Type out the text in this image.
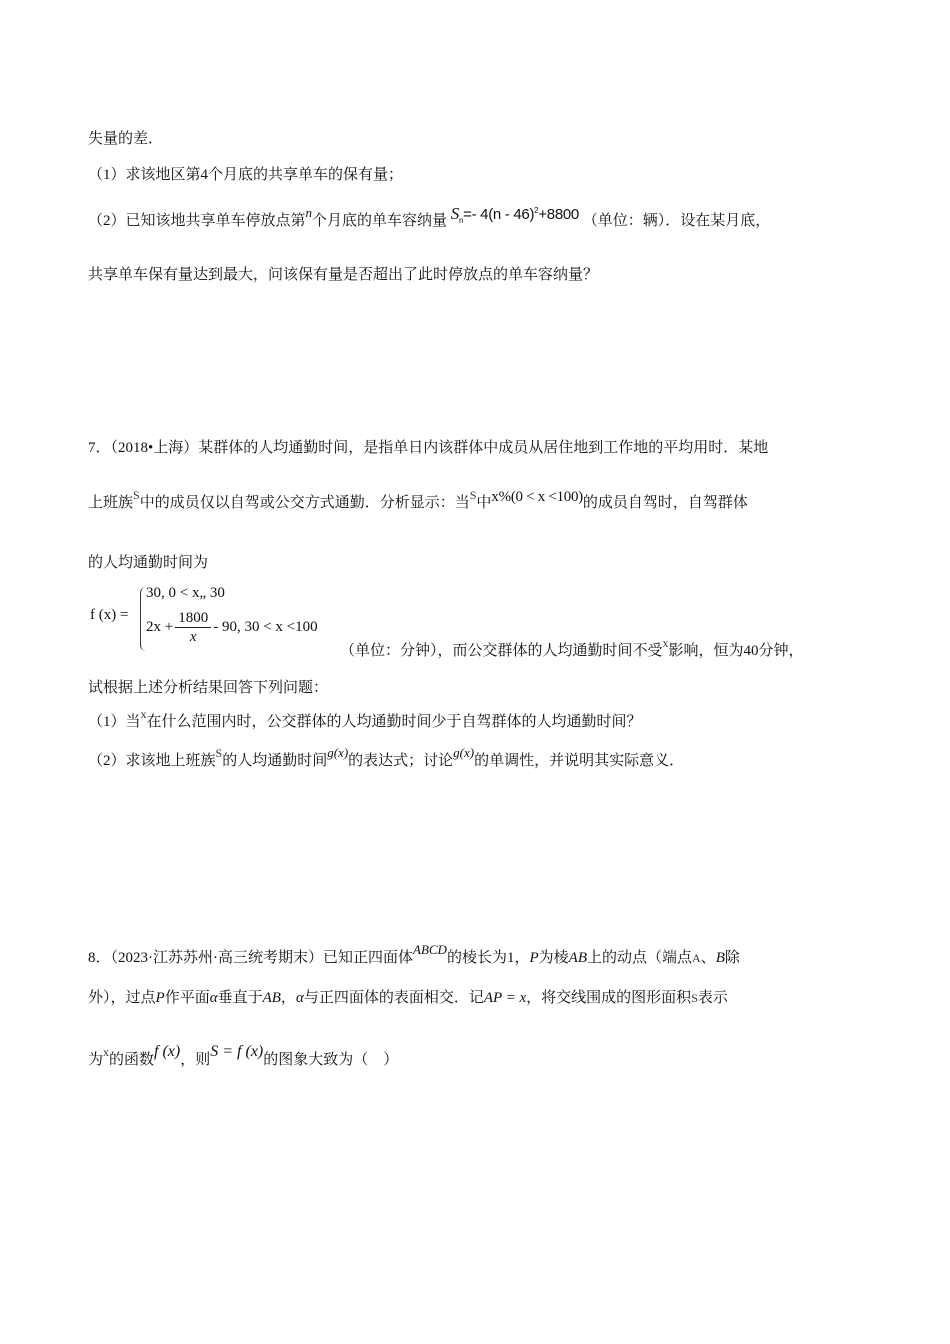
失量的差．
（1）求该地区第4个月底的共享单车的保有量；
（2）已知该地共享单车停放点第n个月底的单车容纳量 $S_n=-$ 4(n - 46)$^2$+8800 （单位：辆）．设在某月底，
共享单车保有量达到最大，问该保有量是否超出了此时停放点的单车容纳量？
7．（2018•上海）某群体的人均通勤时间，是指单日内该群体中成员从居住地到工作地的平均用时．某地
上班族$^S$中的成员仅以自驾或公交方式通勤．分析显示：当$^S$中x%(0 < x <100)的成员自驾时，自驾群体
的人均通勤时间为
f (x) =
30, 0 < x„ 30
$2x + \frac{1800}{x} - 90$, 30 < x <100
（单位：分钟），而公交群体的人均通勤时间不受$^x$影响，恒为40分钟，
试根据上述分析结果回答下列问题：
（1）当$^x$在什么范围内时，公交群体的人均通勤时间少于自驾群体的人均通勤时间？
（2）求该地上班族$^S$的人均通勤时间g(x)的表达式；讨论g(x)的单调性，并说明其实际意义．
8．（2023·江苏苏州·高三统考期末）已知正四面体ABCD的棱长为1，P为棱AB上的动点（端点A、B除
外），过点P作平面α垂直于AB，α与正四面体的表面相交．记AP = x，将交线围成的图形面积S表示
为$^x$的函数f (x)，则S = f (x)的图象大致为（　）
